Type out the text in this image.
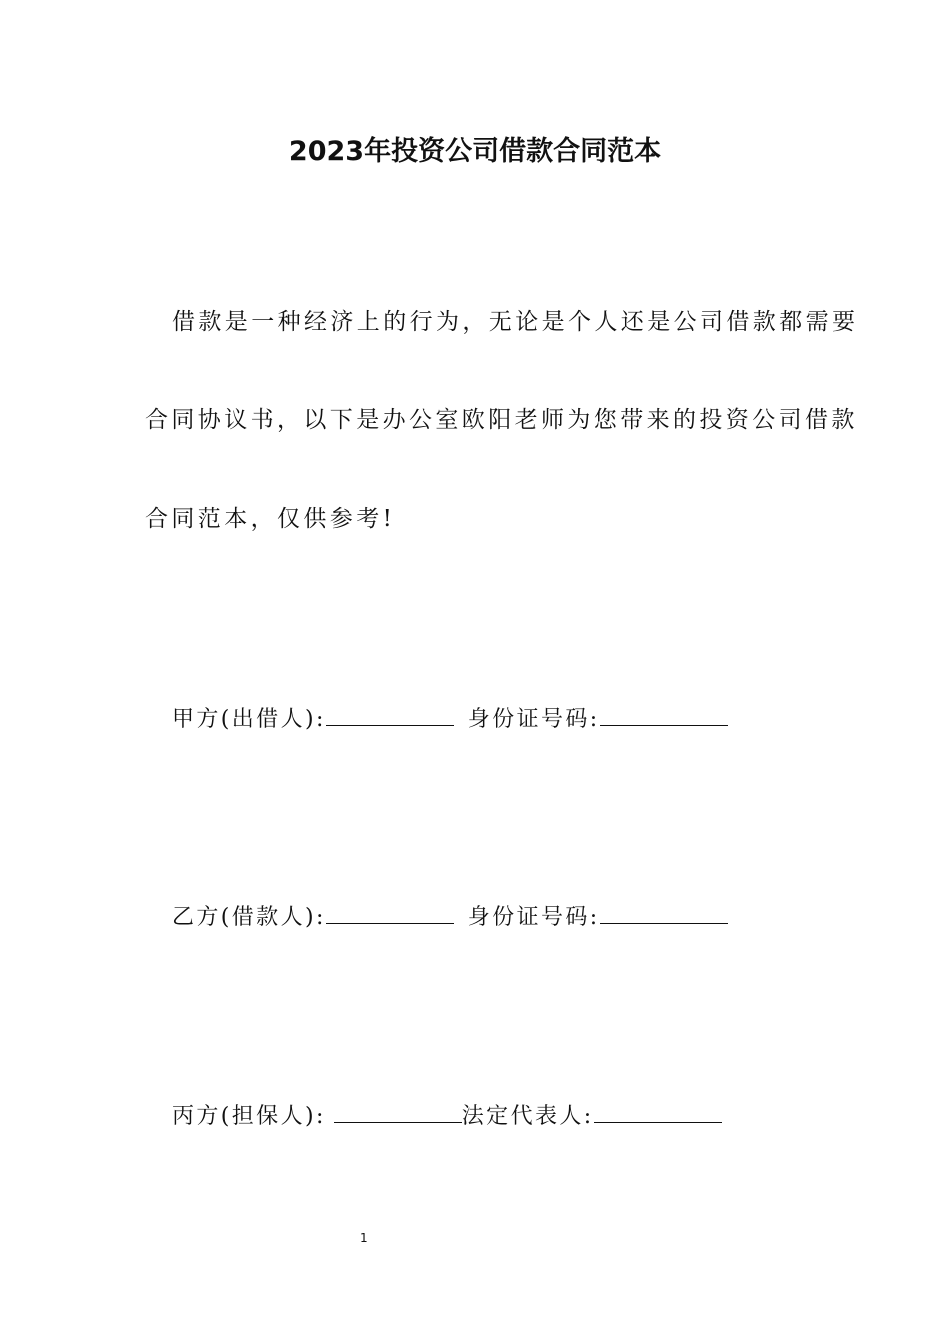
2023年投资公司借款合同范本

借款是一种经济上的行为，无论是个人还是公司借款都需要

合同协议书，以下是办公室欧阳老师为您带来的投资公司借款

合同范本，仅供参考!

甲方(出借人):	身份证号码:
乙方(借款人):	身份证号码:
丙方(担保人):	法定代表人:
1
